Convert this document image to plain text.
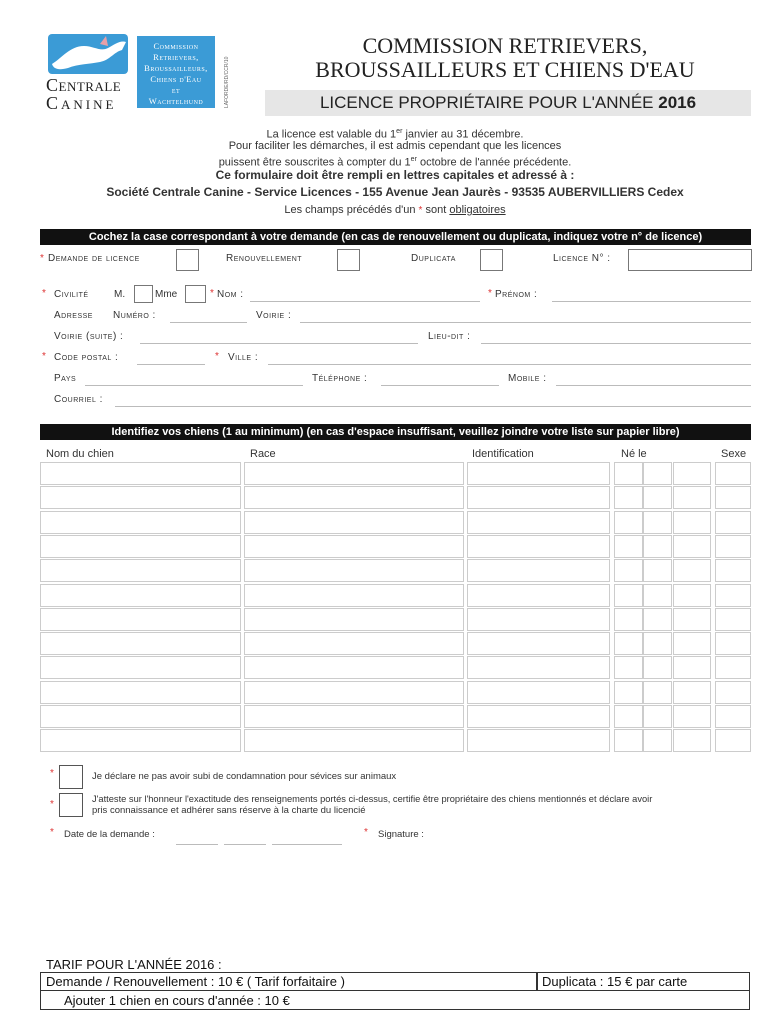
Centrale
Canine
Commission
Retrievers,
Broussailleurs,
Chiens d'Eau
et
Wachtelhund	LAFORDE/RD/CCR/10
COMMISSION RETRIEVERS,
BROUSSAILLEURS ET CHIENS D'EAU
LICENCE PROPRIÉTAIRE POUR L'ANNÉE 2016
La licence est valable du 1er janvier au 31 décembre.
Pour faciliter les démarches, il est admis cependant que les licences
puissent être souscrites à compter du 1er octobre de l'année précédente.
Ce formulaire doit être rempli en lettres capitales et adressé à :
Société Centrale Canine - Service Licences - 155 Avenue Jean Jaurès - 93535 AUBERVILLIERS Cedex
Les champs précédés d'un * sont obligatoires
Cochez la case correspondant à votre demande (en cas de renouvellement ou duplicata, indiquez votre n° de licence)
* Demande de licence	Renouvellement	Duplicata	Licence N° :
* Civilité	M.	Mme	* Nom :	* Prénom :
Adresse Numéro :	Voirie :
Voirie (suite) :	Lieu-dit :
* Code postal :	* Ville :
Pays	Téléphone :	Mobile :
Courriel :
Identifiez vos chiens (1 au minimum) (en cas d'espace insuffisant, veuillez joindre votre liste sur papier libre)
Nom du chien	Race	Identification	Né le	Sexe
*	Je déclare ne pas avoir subi de condamnation pour sévices sur animaux
*	J'atteste sur l'honneur l'exactitude des renseignements portés ci-dessus, certifie être propriétaire des chiens mentionnés et déclare avoir
pris connaissance et adhérer sans réserve à la charte du licencié
* Date de la demande :	* Signature :
TARIF POUR L'ANNÉE 2016 :
Demande / Renouvellement : 10 € ( Tarif forfaitaire )	Duplicata : 15 € par carte
Ajouter 1 chien en cours d'année : 10 €
